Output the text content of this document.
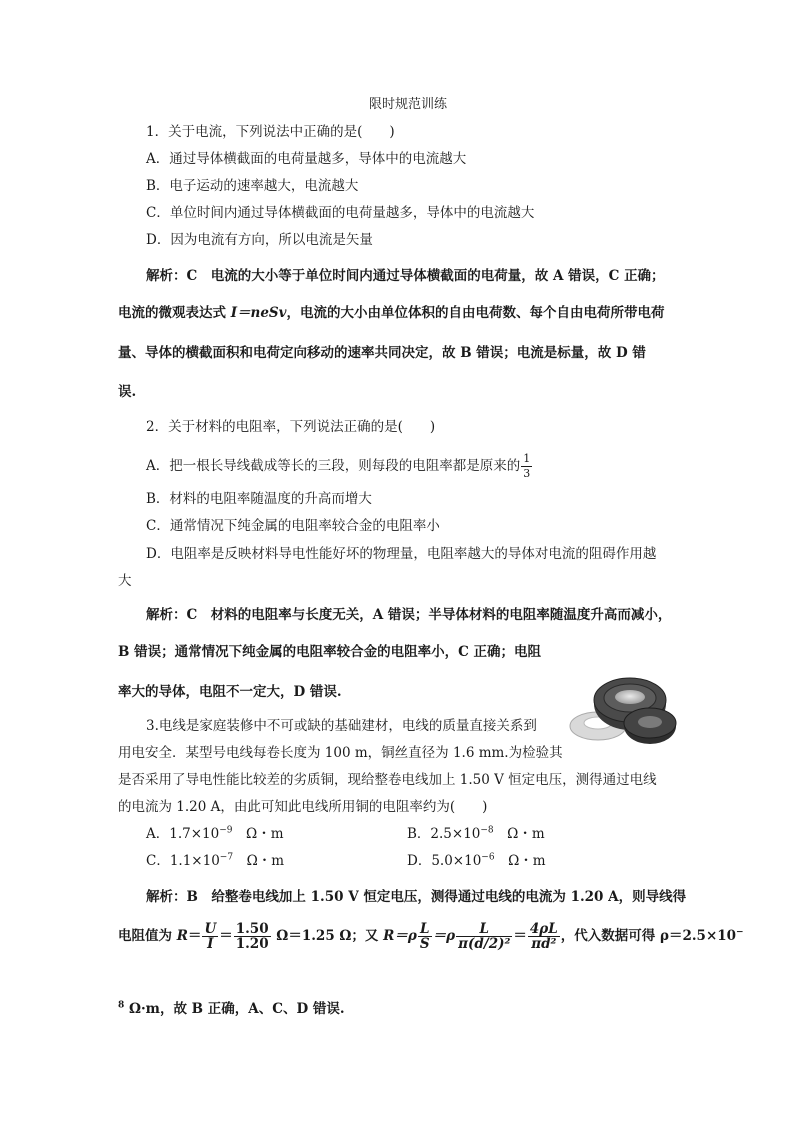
限时规范训练
1．关于电流，下列说法中正确的是(　　)
A．通过导体横截面的电荷量越多，导体中的电流越大
B．电子运动的速率越大，电流越大
C．单位时间内通过导体横截面的电荷量越多，导体中的电流越大
D．因为电流有方向，所以电流是矢量
解析：C　电流的大小等于单位时间内通过导体横截面的电荷量，故 A 错误，C 正确；
电流的微观表达式 I＝neSv，电流的大小由单位体积的自由电荷数、每个自由电荷所带电荷
量、导体的横截面积和电荷定向移动的速率共同决定，故 B 错误；电流是标量，故 D 错
误.
2．关于材料的电阻率，下列说法正确的是(　　)
A．把一根长导线截成等长的三段，则每段的电阻率都是原来的 $\frac{1}{3}$
B．材料的电阻率随温度的升高而增大
C．通常情况下纯金属的电阻率较合金的电阻率小
D．电阻率是反映材料导电性能好坏的物理量，电阻率越大的导体对电流的阻碍作用越
大
解析：C　材料的电阻率与长度无关，A 错误；半导体材料的电阻率随温度升高而减小，
B 错误；通常情况下纯金属的电阻率较合金的电阻率小，C 正确；电阻
率大的导体，电阻不一定大，D 错误.
3.电线是家庭装修中不可或缺的基础建材，电线的质量直接关系到
用电安全．某型号电线每卷长度为 100 m，铜丝直径为 1.6 mm.为检验其
是否采用了导电性能比较差的劣质铜，现给整卷电线加上 1.50 V 恒定电压，测得通过电线
的电流为 1.20 A，由此可知此电线所用铜的电阻率约为(　　)
A．$1.7\times 10^{-9}$　Ω・m	B．$2.5\times 10^{-8}$　Ω・m
C．$1.1\times 10^{-7}$　Ω・m	D．$5.0\times 10^{-6}$　Ω・m
解析：B　给整卷电线加上 1.50 V 恒定电压，测得通过电线的电流为 1.20 A，则导线得
电阻值为 $R= \frac{U}{I} = \frac{1.50}{1.20} \Omega=1.25$ Ω；又 $R=\rho \frac{L}{S} =\rho \frac{L}{\text{π(d/2)²}} = \frac{4\rho L}{\text{πd²}}$ ，代入数据可得 ρ＝2.5×10−
$^8$ Ω·m，故 B 正确，A、C、D 错误.
